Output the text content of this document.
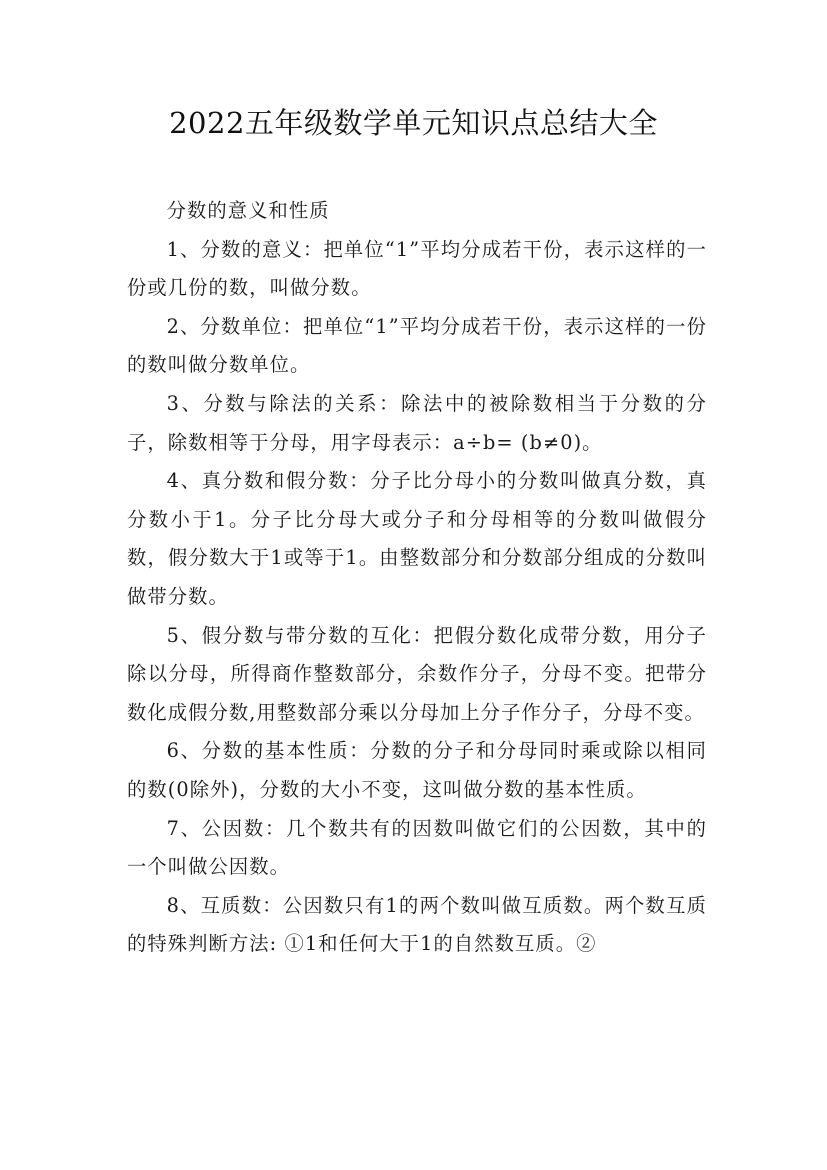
2022五年级数学单元知识点总结大全

分数的意义和性质

1、分数的意义：把单位“1”平均分成若干份，表示这样的一份或几份的数，叫做分数。

2、分数单位：把单位“1”平均分成若干份，表示这样的一份的数叫做分数单位。

3、分数与除法的关系：除法中的被除数相当于分数的分子，除数相等于分母，用字母表示：a÷b= (b≠0)。

4、真分数和假分数：分子比分母小的分数叫做真分数，真分数小于1。分子比分母大或分子和分母相等的分数叫做假分数，假分数大于1或等于1。由整数部分和分数部分组成的分数叫做带分数。

5、假分数与带分数的互化：把假分数化成带分数，用分子除以分母，所得商作整数部分，余数作分子，分母不变。把带分数化成假分数,用整数部分乘以分母加上分子作分子，分母不变。

6、分数的基本性质：分数的分子和分母同时乘或除以相同的数(0除外)，分数的大小不变，这叫做分数的基本性质。

7、公因数：几个数共有的因数叫做它们的公因数，其中的一个叫做公因数。

8、互质数：公因数只有1的两个数叫做互质数。两个数互质的特殊判断方法: ①1和任何大于1的自然数互质。②
